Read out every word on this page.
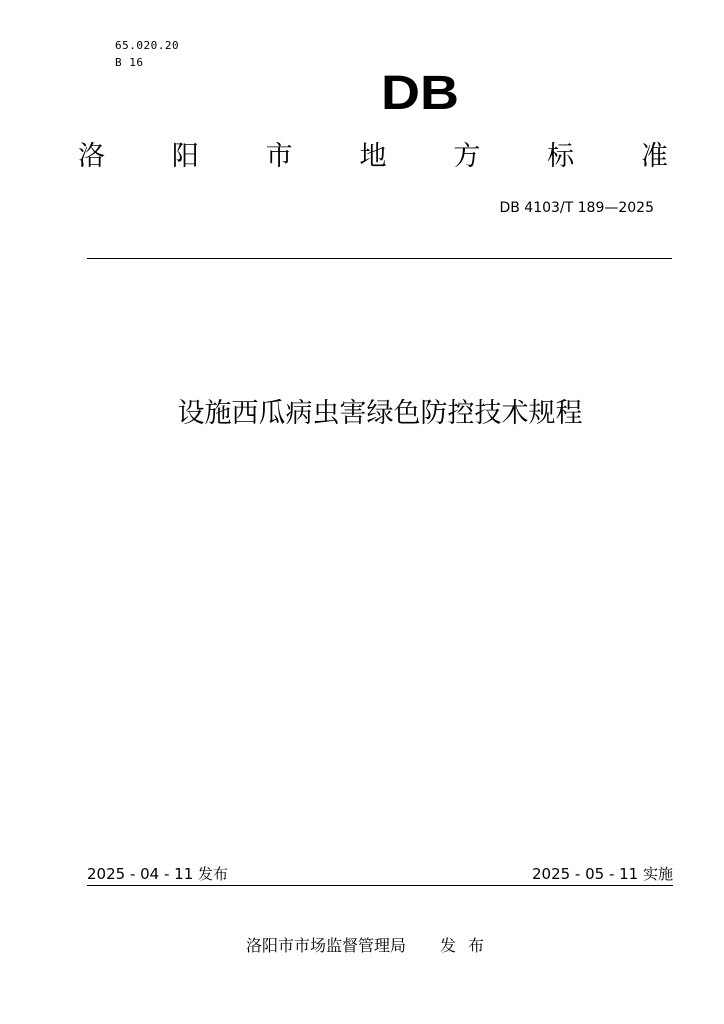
65.020.20
B 16
DB
洛 阳 市 地 方 标 准
DB 4103/T 189—2025
设施西瓜病虫害绿色防控技术规程
2025 - 04 - 11 发布	2025 - 05 - 11 实施
洛阳市市场监督管理局 发布
